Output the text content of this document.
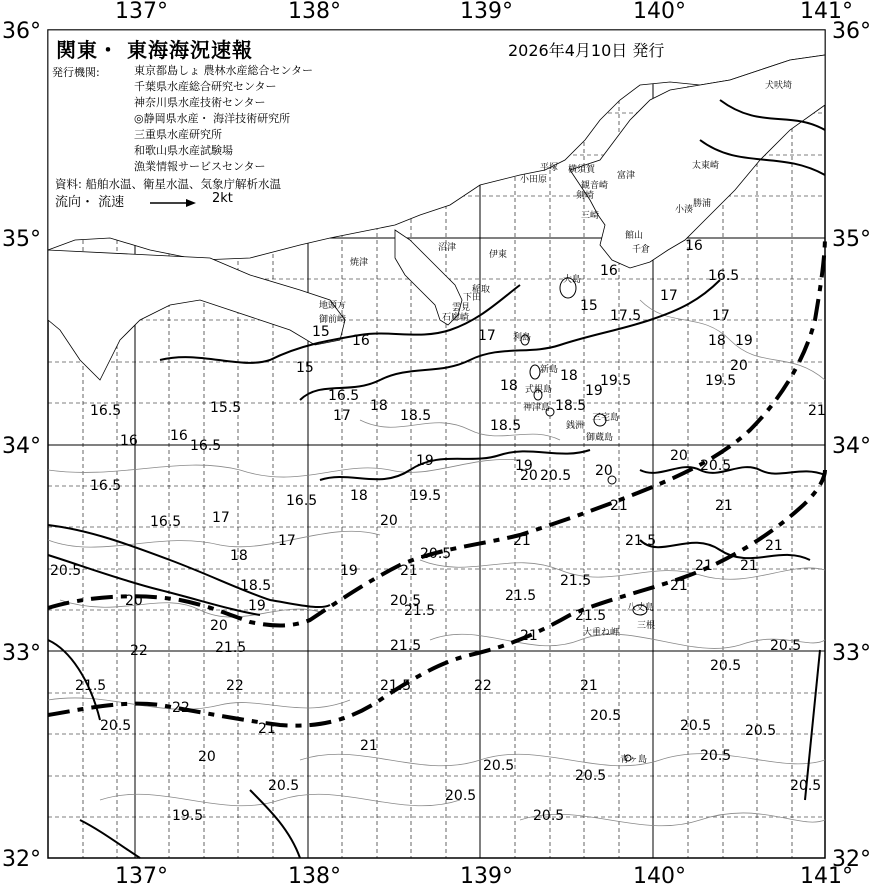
15
15
15.5
16
16.5
16
16.5
16.5
16.5 17
18
18.5
19
20
21.5
22
21.5
20.5
22
21
20
19.5
20.5
20.5
20
22
16.5
17
19
18
20
20.5
21
21.5
21.5
21.5
21
16.5
16
17
18
18.5
19
19.5
20.5
17
18
18.5
19
20 20.5 20
21
21.5
21
22
20.5
20.5
20.5
21.5
21.5
21
20.5
20.5
21
21.5
20
20.5
21
21
21 21
21
20.5
20.5
20.5
20.5
20.5
20.5
21
19.5
19
18
18.5
19.5
20
19
18
17
16.5
16
16
15
17.5
17
犬吠埼
太東崎
勝浦
小湊
千倉
館山
富津
観音崎
剣崎
三崎
横須賀
平塚
小田原
伊東
稲取
下田
雲見
石廊崎
沼津
焼津
御前崎
地頭方
大島
利島
新島
式根島
神津島
三宅島
御蔵島
銭洲
八丈島
大重ね岬
三根
青ヶ島
137°	138°	139°	140°	141°
137°	138°	139°	140°	141°
36°
35°
34°
33°
32°
36°
35°
34°
33°
32°
関東・ 東海海況速報	2026年4月10日 発行
発行機関:	東京都島しょ 農林水産総合センター
千葉県水産総合研究センター
神奈川県水産技術センター
◎静岡県水産・ 海洋技術研究所
三重県水産研究所
和歌山県水産試験場
漁業情報サービスセンター
資料: 船舶水温、衛星水温、気象庁解析水温
流向・ 流速	2kt
